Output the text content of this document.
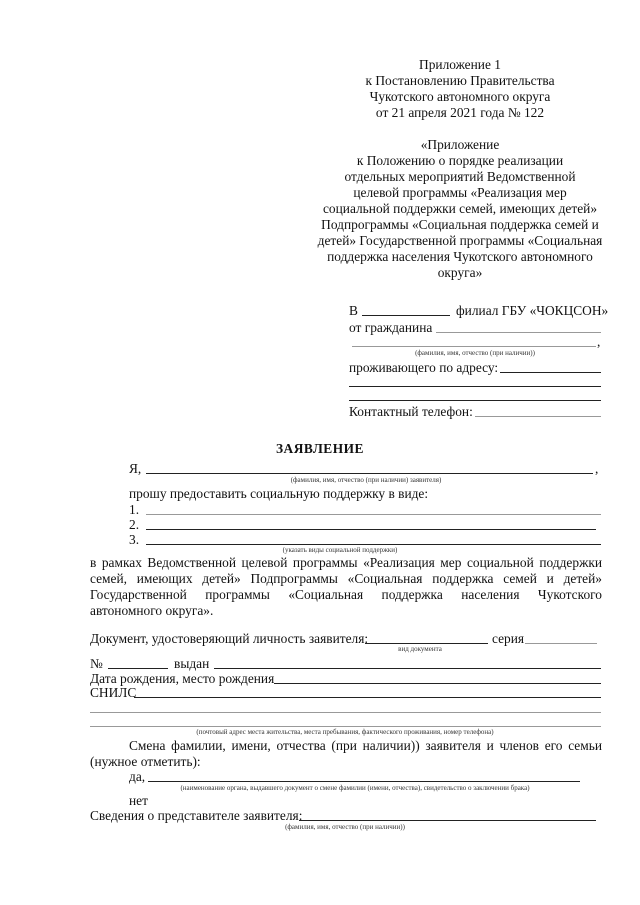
Приложение 1
к Постановлению Правительства
Чукотского автономного округа
от 21 апреля 2021 года № 122
«Приложение
к Положению о порядке реализации
отдельных мероприятий Ведомственной
целевой программы «Реализация мер
социальной поддержки семей, имеющих детей»
Подпрограммы «Социальная поддержка семей и
детей» Государственной программы «Социальная
поддержка населения Чукотского автономного
округа»
В	филиал ГБУ «ЧОКЦСОН»
от гражданина
,
(фамилия, имя, отчество (при наличии))
проживающего по адресу:
Контактный телефон:
ЗАЯВЛЕНИЕ
Я,	,
(фамилия, имя, отчество (при наличии) заявителя)
прошу предоставить социальную поддержку в виде:
1.
2.
3.
(указать виды социальной поддержки)
в рамках Ведомственной целевой программы «Реализация мер социальной поддержки семей, имеющих детей» Подпрограммы «Социальная поддержка семей и детей» Государственной программы «Социальная поддержка населения Чукотского автономного округа».
Документ, удостоверяющий личность заявителя:	серия
вид документа
№	выдан
Дата рождения, место рождения
СНИЛС
(почтовый адрес места жительства, места пребывания, фактического проживания, номер телефона)
Смена фамилии, имени, отчества (при наличии)) заявителя и членов его семьи (нужное отметить):
да,
(наименование органа, выдавшего документ о смене фамилии (имени, отчества), свидетельство о заключении брака)
нет
Сведения о представителе заявителя:
(фамилия, имя, отчество (при наличии))
